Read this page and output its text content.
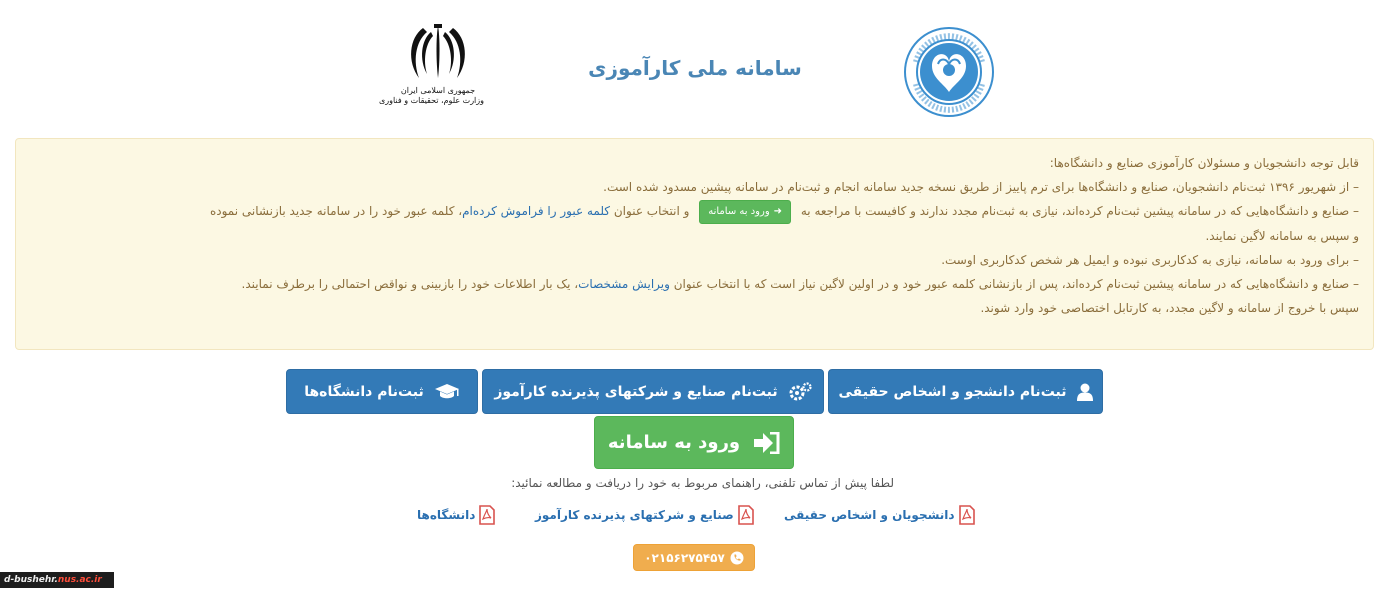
جمهوری اسلامی ایران
وزارت علوم، تحقیقات و فناوری
سامانه ملی کارآموزی
قابل توجه دانشجویان و مسئولان کارآموزی صنایع و دانشگاه‌ها:
– از شهریور ۱۳۹۶ ثبت‌نام دانشجویان، صنایع و دانشگاه‌ها برای ترم پاییز از طریق نسخه جدید سامانه انجام و ثبت‌نام در سامانه پیشین مسدود شده است.
– صنایع و دانشگاه‌هایی که در سامانه پیشین ثبت‌نام کرده‌اند، نیازی به ثبت‌نام مجدد ندارند و کافیست با مراجعه به ➜ورود به سامانه و انتخاب عنوان کلمه عبور را فراموش کرده‌ام، کلمه عبور خود را در سامانه جدید بازنشانی نموده
و سپس به سامانه لاگین نمایند.
– برای ورود به سامانه، نیازی به کدکاربری نبوده و ایمیل هر شخص کدکاربری اوست.
– صنایع و دانشگاه‌هایی که در سامانه پیشین ثبت‌نام کرده‌اند، پس از بازنشانی کلمه عبور خود و در اولین لاگین نیاز است که با انتخاب عنوان ویرایش مشخصات، یک بار اطلاعات خود را بازبینی و نواقص احتمالی را برطرف نمایند.
سپس با خروج از سامانه و لاگین مجدد، به کارتابل اختصاصی خود وارد شوند.
ثبت‌نام دانشجو و اشخاص حقیقی
ثبت‌نام صنایع و شرکتهای پذیرنده کارآموز
ثبت‌نام دانشگاه‌ها
ورود به سامانه
لطفا پیش از تماس تلفنی، راهنمای مربوط به خود را دریافت و مطالعه نمائید:
دانشجویان و اشخاص حقیقی
صنایع و شرکتهای پذیرنده کارآموز
دانشگاه‌ها
۰۲۱۵۶۲۷۵۴۵۷
d-bushehr.nus.ac.ir
